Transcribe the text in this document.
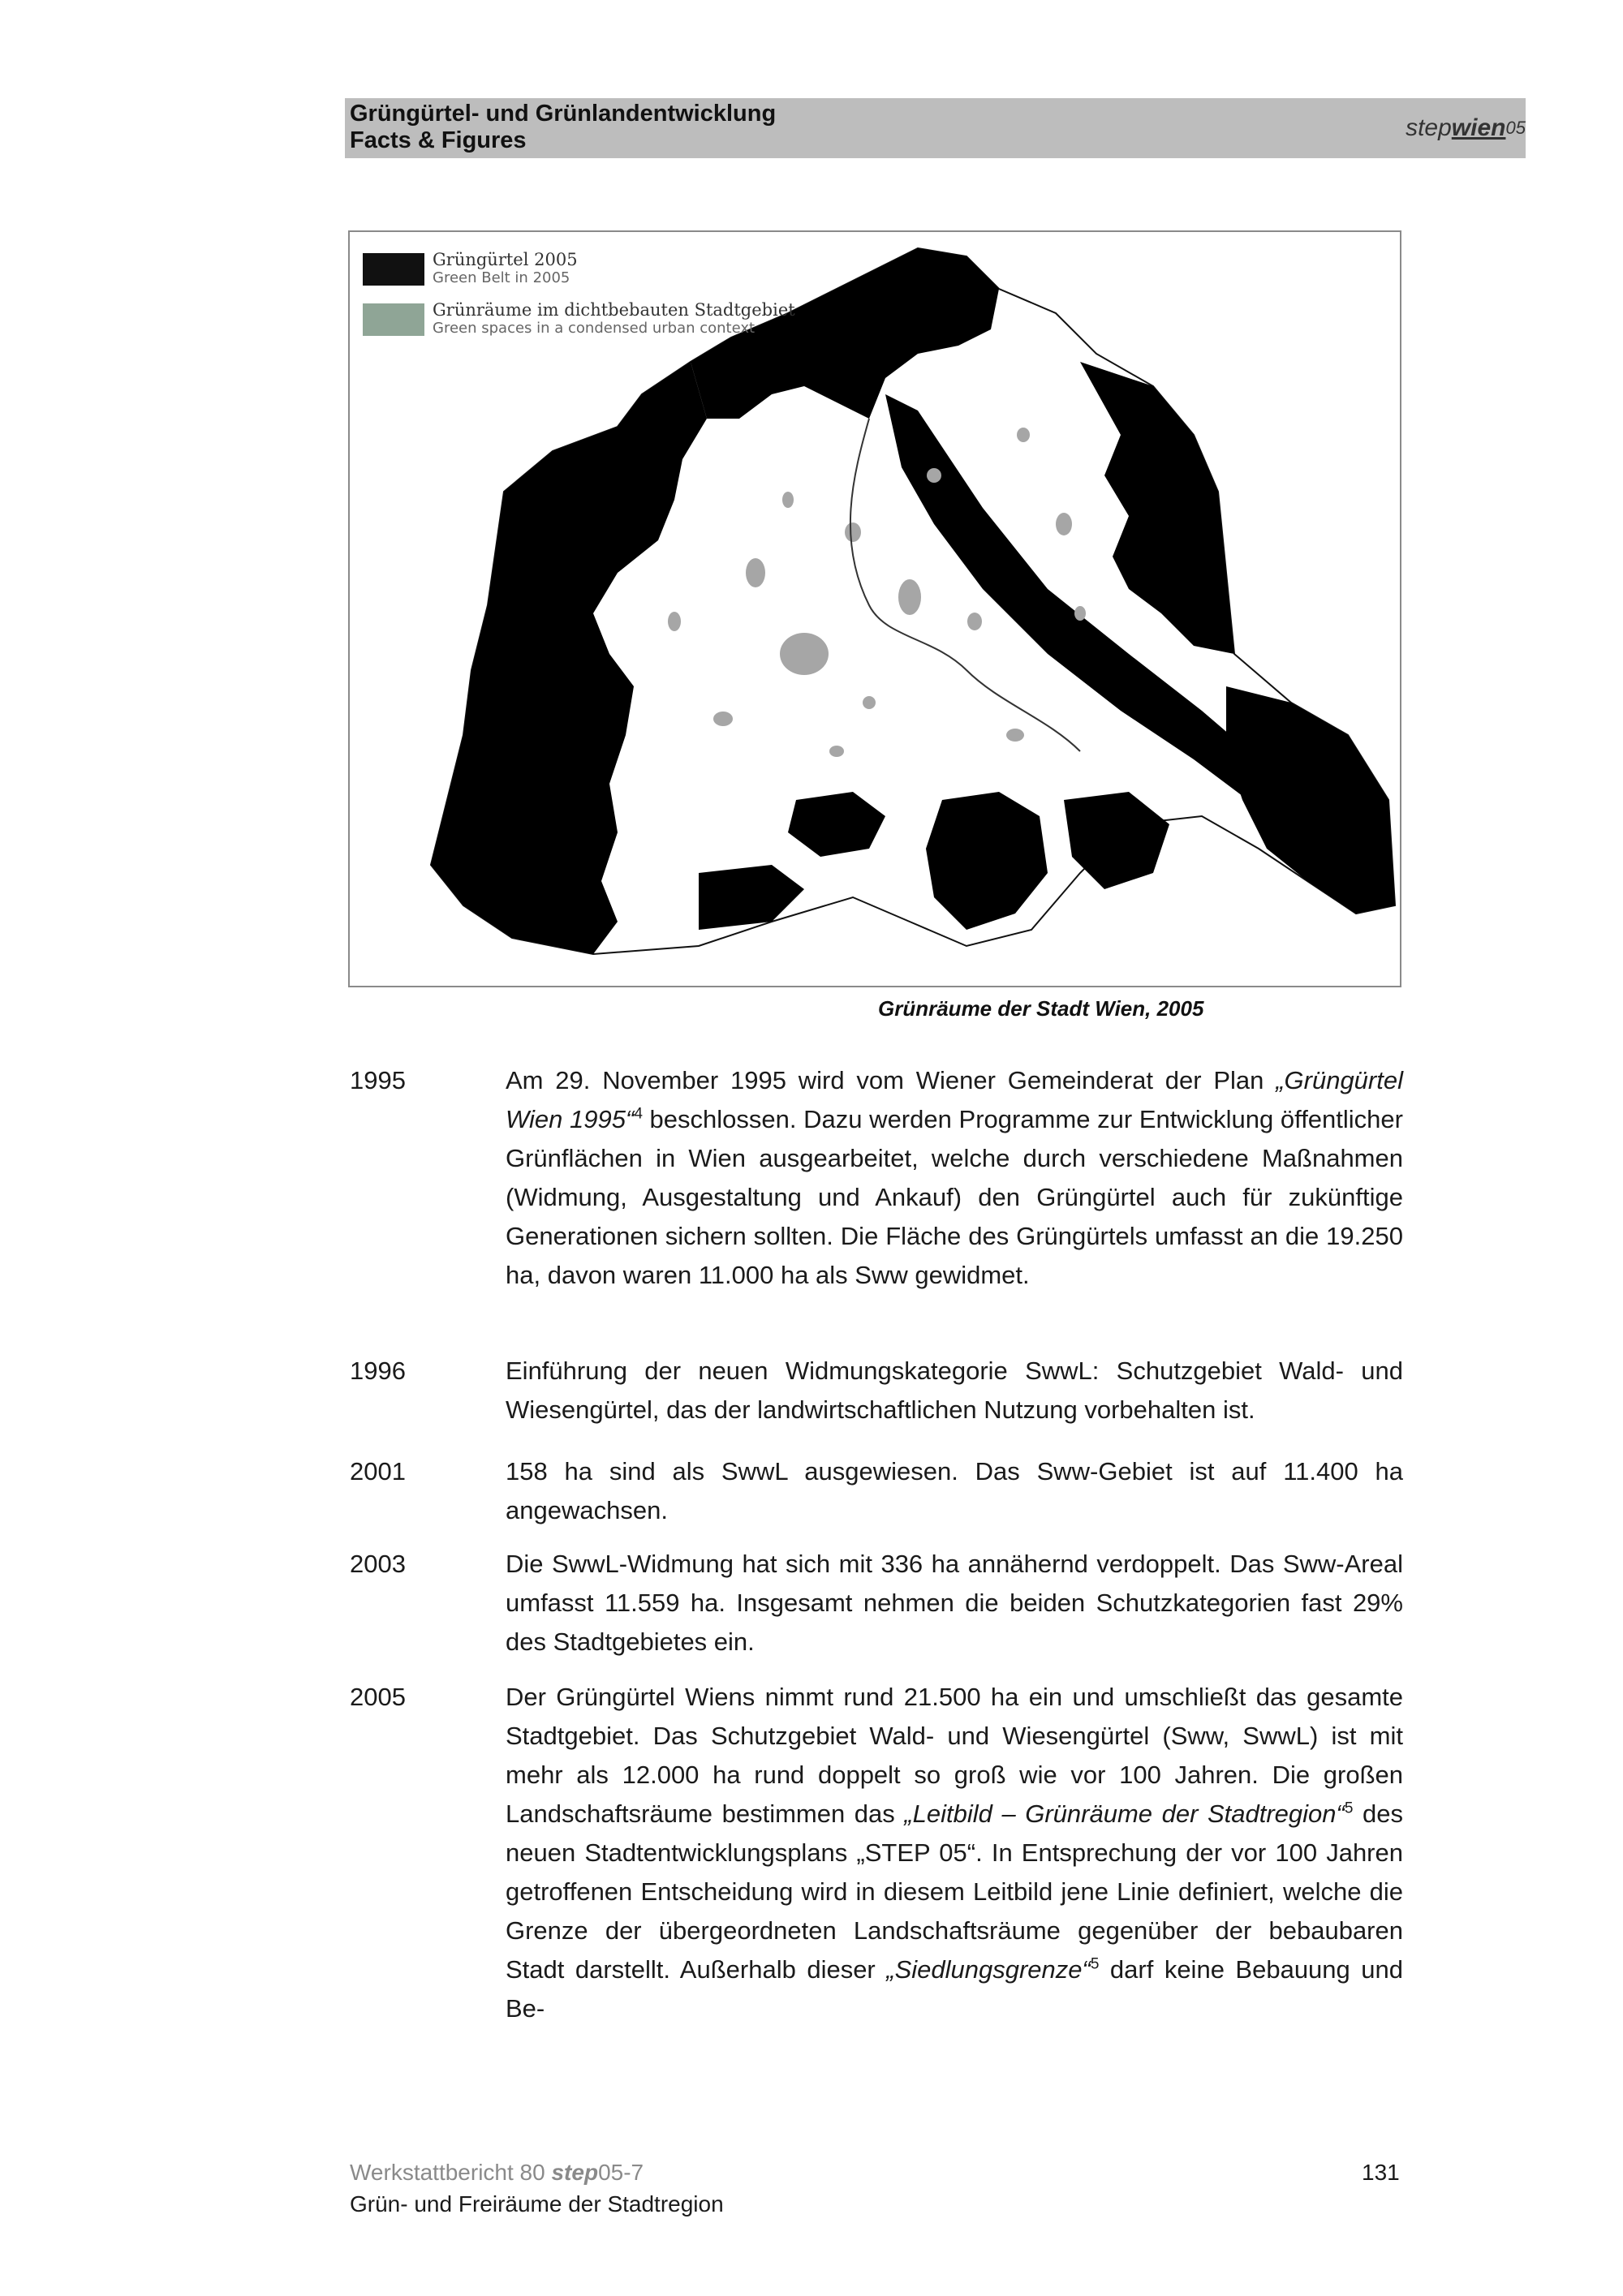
Grüngürtel- und Grünlandentwicklung
Facts & Figures	step wien 05
Grüngürtel 2005
Green Belt in 2005
Grünräume im dichtbebauten Stadtgebiet
Green spaces in a condensed urban context
Grünräume der Stadt Wien, 2005
1995	Am 29. November 1995 wird vom Wiener Gemeinderat der Plan „Grüngürtel Wien 1995“$^4$ beschlossen. Dazu werden Programme zur Entwicklung öffentlicher Grünflächen in Wien ausgearbeitet, welche durch verschiedene Maßnahmen (Widmung, Ausgestaltung und Ankauf) den Grüngürtel auch für zukünftige Generationen sichern sollten. Die Fläche des Grüngürtels umfasst an die 19.250 ha, davon waren 11.000 ha als Sww gewidmet.
1996	Einführung der neuen Widmungskategorie SwwL: Schutzgebiet Wald- und Wiesengürtel, das der landwirtschaftlichen Nutzung vorbehalten ist.
2001	158 ha sind als SwwL ausgewiesen. Das Sww-Gebiet ist auf 11.400 ha angewachsen.
2003	Die SwwL-Widmung hat sich mit 336 ha annähernd verdoppelt. Das Sww-Areal umfasst 11.559 ha. Insgesamt nehmen die beiden Schutzkategorien fast 29% des Stadtgebietes ein.
2005	Der Grüngürtel Wiens nimmt rund 21.500 ha ein und umschließt das gesamte Stadtgebiet. Das Schutzgebiet Wald- und Wiesengürtel (Sww, SwwL) ist mit mehr als 12.000 ha rund doppelt so groß wie vor 100 Jahren. Die großen Landschaftsräume bestimmen das „Leitbild – Grünräume der Stadtregion“$^5$ des neuen Stadtentwicklungsplans „STEP 05“. In Entsprechung der vor 100 Jahren getroffenen Entscheidung wird in diesem Leitbild jene Linie definiert, welche die Grenze der übergeordneten Landschaftsräume gegenüber der bebaubaren Stadt darstellt. Außerhalb dieser „Siedlungsgrenze“$^5$ darf keine Bebauung und Be-
Werkstattbericht 80 step05-7
Grün- und Freiräume der Stadtregion
131
